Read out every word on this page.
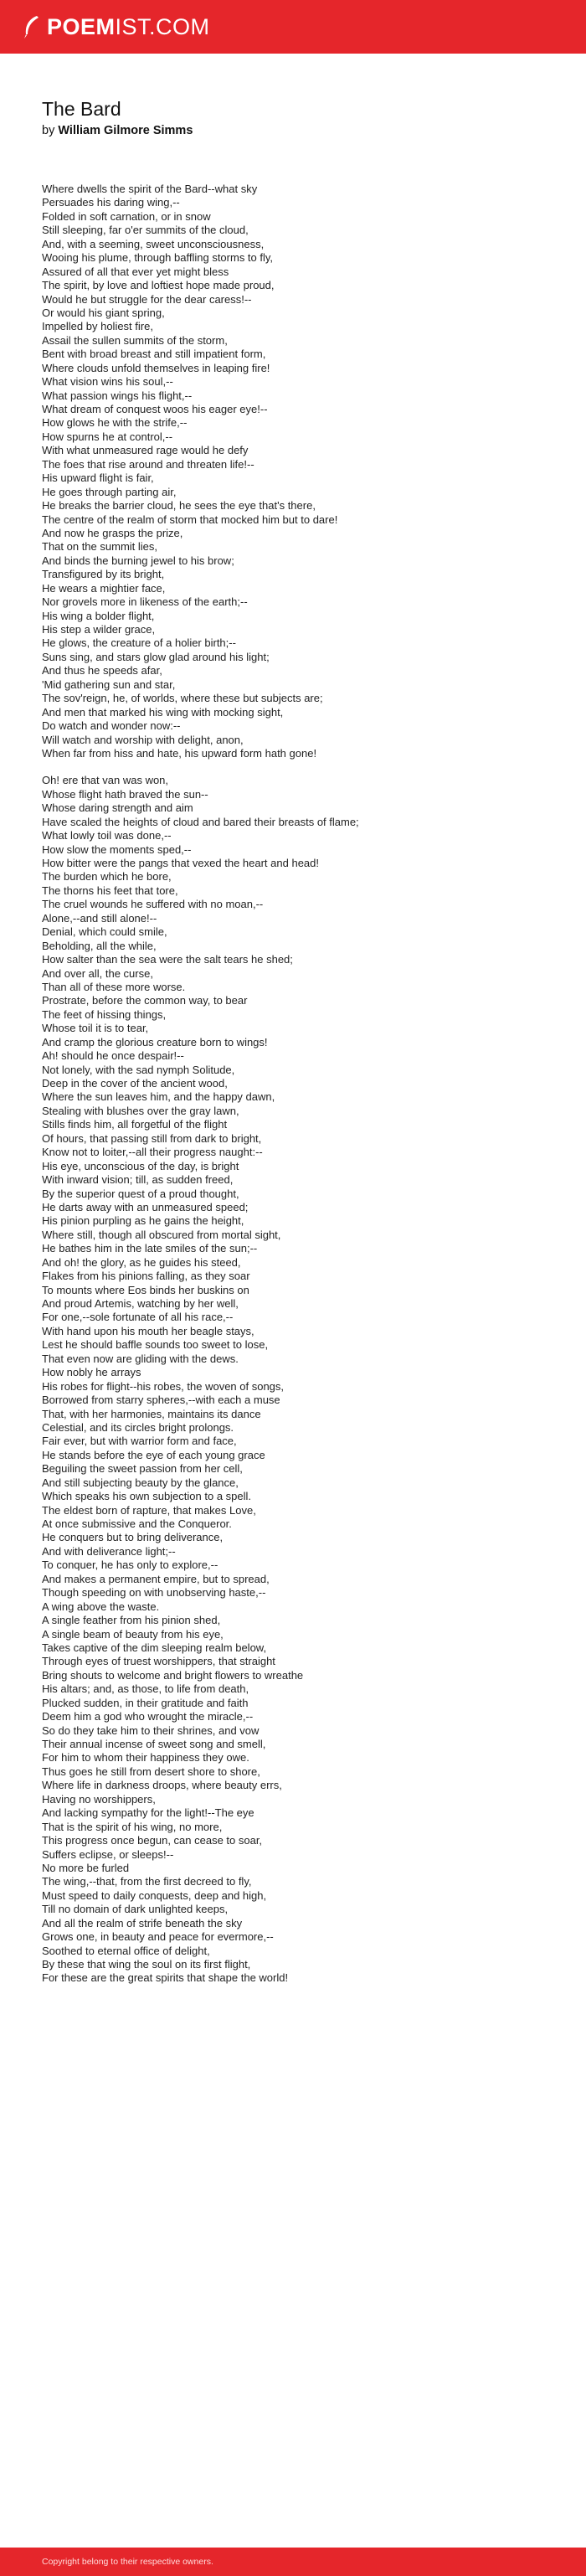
POEMIST.COM
The Bard
by William Gilmore Simms
Where dwells the spirit of the Bard--what sky
Persuades his daring wing,--
Folded in soft carnation, or in snow
Still sleeping, far o'er summits of the cloud,
And, with a seeming, sweet unconsciousness,
Wooing his plume, through baffling storms to fly,
Assured of all that ever yet might bless
The spirit, by love and loftiest hope made proud,
Would he but struggle for the dear caress!--
Or would his giant spring,
Impelled by holiest fire,
Assail the sullen summits of the storm,
Bent with broad breast and still impatient form,
Where clouds unfold themselves in leaping fire!
What vision wins his soul,--
What passion wings his flight,--
What dream of conquest woos his eager eye!--
How glows he with the strife,--
How spurns he at control,--
With what unmeasured rage would he defy
The foes that rise around and threaten life!--
His upward flight is fair,
He goes through parting air,
He breaks the barrier cloud, he sees the eye that's there,
The centre of the realm of storm that mocked him but to dare!
And now he grasps the prize,
That on the summit lies,
And binds the burning jewel to his brow;
Transfigured by its bright,
He wears a mightier face,
Nor grovels more in likeness of the earth;--
His wing a bolder flight,
His step a wilder grace,
He glows, the creature of a holier birth;--
Suns sing, and stars glow glad around his light;
And thus he speeds afar,
'Mid gathering sun and star,
The sov'reign, he, of worlds, where these but subjects are;
And men that marked his wing with mocking sight,
Do watch and wonder now:--
Will watch and worship with delight, anon,
When far from hiss and hate, his upward form hath gone!
Oh! ere that van was won,
Whose flight hath braved the sun--
Whose daring strength and aim
Have scaled the heights of cloud and bared their breasts of flame;
What lowly toil was done,--
How slow the moments sped,--
How bitter were the pangs that vexed the heart and head!
The burden which he bore,
The thorns his feet that tore,
The cruel wounds he suffered with no moan,--
Alone,--and still alone!--
Denial, which could smile,
Beholding, all the while,
How salter than the sea were the salt tears he shed;
And over all, the curse,
Than all of these more worse.
Prostrate, before the common way, to bear
The feet of hissing things,
Whose toil it is to tear,
And cramp the glorious creature born to wings!
Ah! should he once despair!--
Not lonely, with the sad nymph Solitude,
Deep in the cover of the ancient wood,
Where the sun leaves him, and the happy dawn,
Stealing with blushes over the gray lawn,
Stills finds him, all forgetful of the flight
Of hours, that passing still from dark to bright,
Know not to loiter,--all their progress naught:--
His eye, unconscious of the day, is bright
With inward vision; till, as sudden freed,
By the superior quest of a proud thought,
He darts away with an unmeasured speed;
His pinion purpling as he gains the height,
Where still, though all obscured from mortal sight,
He bathes him in the late smiles of the sun;--
And oh! the glory, as he guides his steed,
Flakes from his pinions falling, as they soar
To mounts where Eos binds her buskins on
And proud Artemis, watching by her well,
For one,--sole fortunate of all his race,--
With hand upon his mouth her beagle stays,
Lest he should baffle sounds too sweet to lose,
That even now are gliding with the dews.
How nobly he arrays
His robes for flight--his robes, the woven of songs,
Borrowed from starry spheres,--with each a muse
That, with her harmonies, maintains its dance
Celestial, and its circles bright prolongs.
Fair ever, but with warrior form and face,
He stands before the eye of each young grace
Beguiling the sweet passion from her cell,
And still subjecting beauty by the glance,
Which speaks his own subjection to a spell.
The eldest born of rapture, that makes Love,
At once submissive and the Conqueror.
He conquers but to bring deliverance,
And with deliverance light;--
To conquer, he has only to explore,--
And makes a permanent empire, but to spread,
Though speeding on with unobserving haste,--
A wing above the waste.
A single feather from his pinion shed,
A single beam of beauty from his eye,
Takes captive of the dim sleeping realm below,
Through eyes of truest worshippers, that straight
Bring shouts to welcome and bright flowers to wreathe
His altars; and, as those, to life from death,
Plucked sudden, in their gratitude and faith
Deem him a god who wrought the miracle,--
So do they take him to their shrines, and vow
Their annual incense of sweet song and smell,
For him to whom their happiness they owe.
Thus goes he still from desert shore to shore,
Where life in darkness droops, where beauty errs,
Having no worshippers,
And lacking sympathy for the light!--The eye
That is the spirit of his wing, no more,
This progress once begun, can cease to soar,
Suffers eclipse, or sleeps!--
No more be furled
The wing,--that, from the first decreed to fly,
Must speed to daily conquests, deep and high,
Till no domain of dark unlighted keeps,
And all the realm of strife beneath the sky
Grows one, in beauty and peace for evermore,--
Soothed to eternal office of delight,
By these that wing the soul on its first flight,
For these are the great spirits that shape the world!
Copyright belong to their respective owners.
